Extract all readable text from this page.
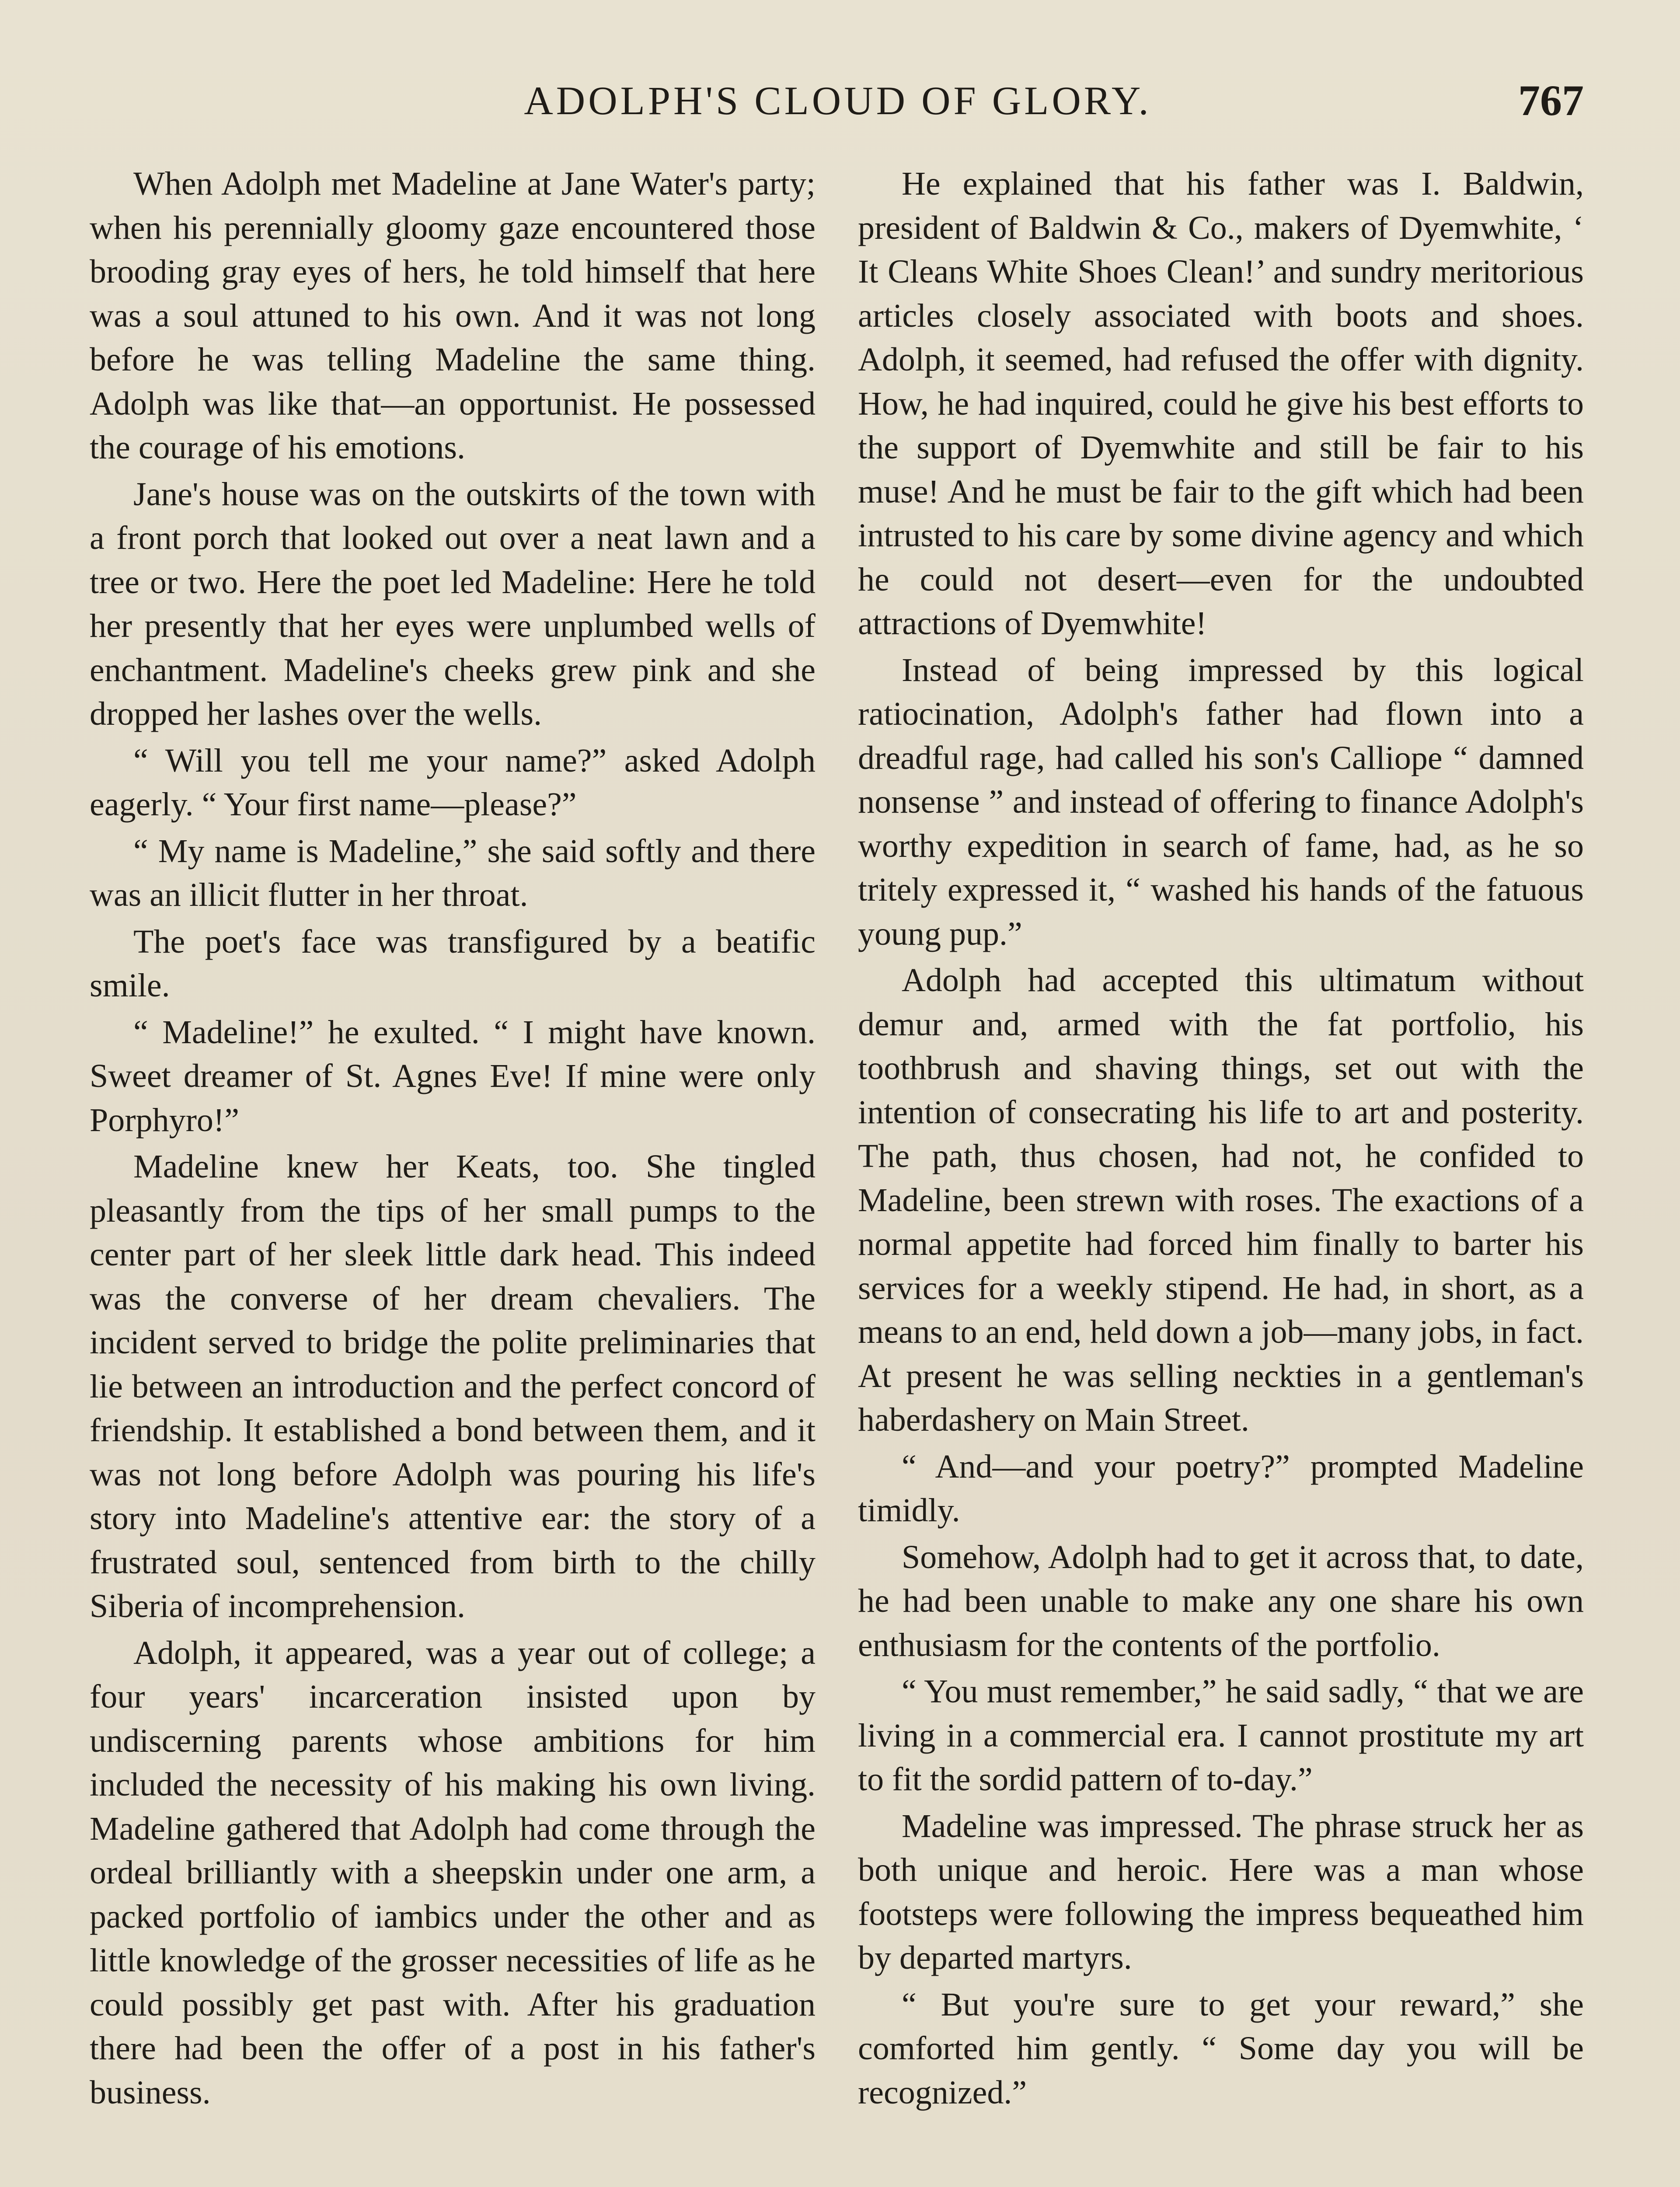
ADOLPH'S CLOUD OF GLORY.	767

When Adolph met Madeline at Jane Water's party; when his perennially gloomy gaze encountered those brooding gray eyes of hers, he told himself that here was a soul attuned to his own. And it was not long before he was telling Madeline the same thing. Adolph was like that—an opportunist. He possessed the courage of his emotions.

Jane's house was on the outskirts of the town with a front porch that looked out over a neat lawn and a tree or two. Here the poet led Madeline: Here he told her presently that her eyes were unplumbed wells of enchantment. Madeline's cheeks grew pink and she dropped her lashes over the wells.

“ Will you tell me your name?” asked Adolph eagerly. “ Your first name—please?”

“ My name is Madeline,” she said softly and there was an illicit flutter in her throat.

The poet's face was transfigured by a beatific smile.

“ Madeline!” he exulted. “ I might have known. Sweet dreamer of St. Agnes Eve! If mine were only Porphyro!”

Madeline knew her Keats, too. She tingled pleasantly from the tips of her small pumps to the center part of her sleek little dark head. This indeed was the converse of her dream chevaliers. The incident served to bridge the polite preliminaries that lie between an introduction and the perfect concord of friendship. It established a bond between them, and it was not long before Adolph was pouring his life's story into Madeline's attentive ear: the story of a frustrated soul, sentenced from birth to the chilly Siberia of incomprehension.

Adolph, it appeared, was a year out of college; a four years' incarceration insisted upon by undiscerning parents whose ambitions for him included the necessity of his making his own living. Madeline gathered that Adolph had come through the ordeal brilliantly with a sheepskin under one arm, a packed portfolio of iambics under the other and as little knowledge of the grosser necessities of life as he could possibly get past with. After his graduation there had been the offer of a post in his father's business.

He explained that his father was I. Baldwin, president of Baldwin & Co., makers of Dyemwhite, ‘ It Cleans White Shoes Clean!’ and sundry meritorious articles closely associated with boots and shoes. Adolph, it seemed, had refused the offer with dignity. How, he had inquired, could he give his best efforts to the support of Dyemwhite and still be fair to his muse! And he must be fair to the gift which had been intrusted to his care by some divine agency and which he could not desert—even for the undoubted attractions of Dyemwhite!

Instead of being impressed by this logical ratiocination, Adolph's father had flown into a dreadful rage, had called his son's Calliope “ damned nonsense ” and instead of offering to finance Adolph's worthy expedition in search of fame, had, as he so tritely expressed it, “ washed his hands of the fatuous young pup.”

Adolph had accepted this ultimatum without demur and, armed with the fat portfolio, his toothbrush and shaving things, set out with the intention of consecrating his life to art and posterity. The path, thus chosen, had not, he confided to Madeline, been strewn with roses. The exactions of a normal appetite had forced him finally to barter his services for a weekly stipend. He had, in short, as a means to an end, held down a job—many jobs, in fact. At present he was selling neckties in a gentleman's haberdashery on Main Street.

“ And—and your poetry?” prompted Madeline timidly.

Somehow, Adolph had to get it across that, to date, he had been unable to make any one share his own enthusiasm for the contents of the portfolio.

“ You must remember,” he said sadly, “ that we are living in a commercial era. I cannot prostitute my art to fit the sordid pattern of to-day.”

Madeline was impressed. The phrase struck her as both unique and heroic. Here was a man whose footsteps were following the impress bequeathed him by departed martyrs.

“ But you're sure to get your reward,” she comforted him gently. “ Some day you will be recognized.”
